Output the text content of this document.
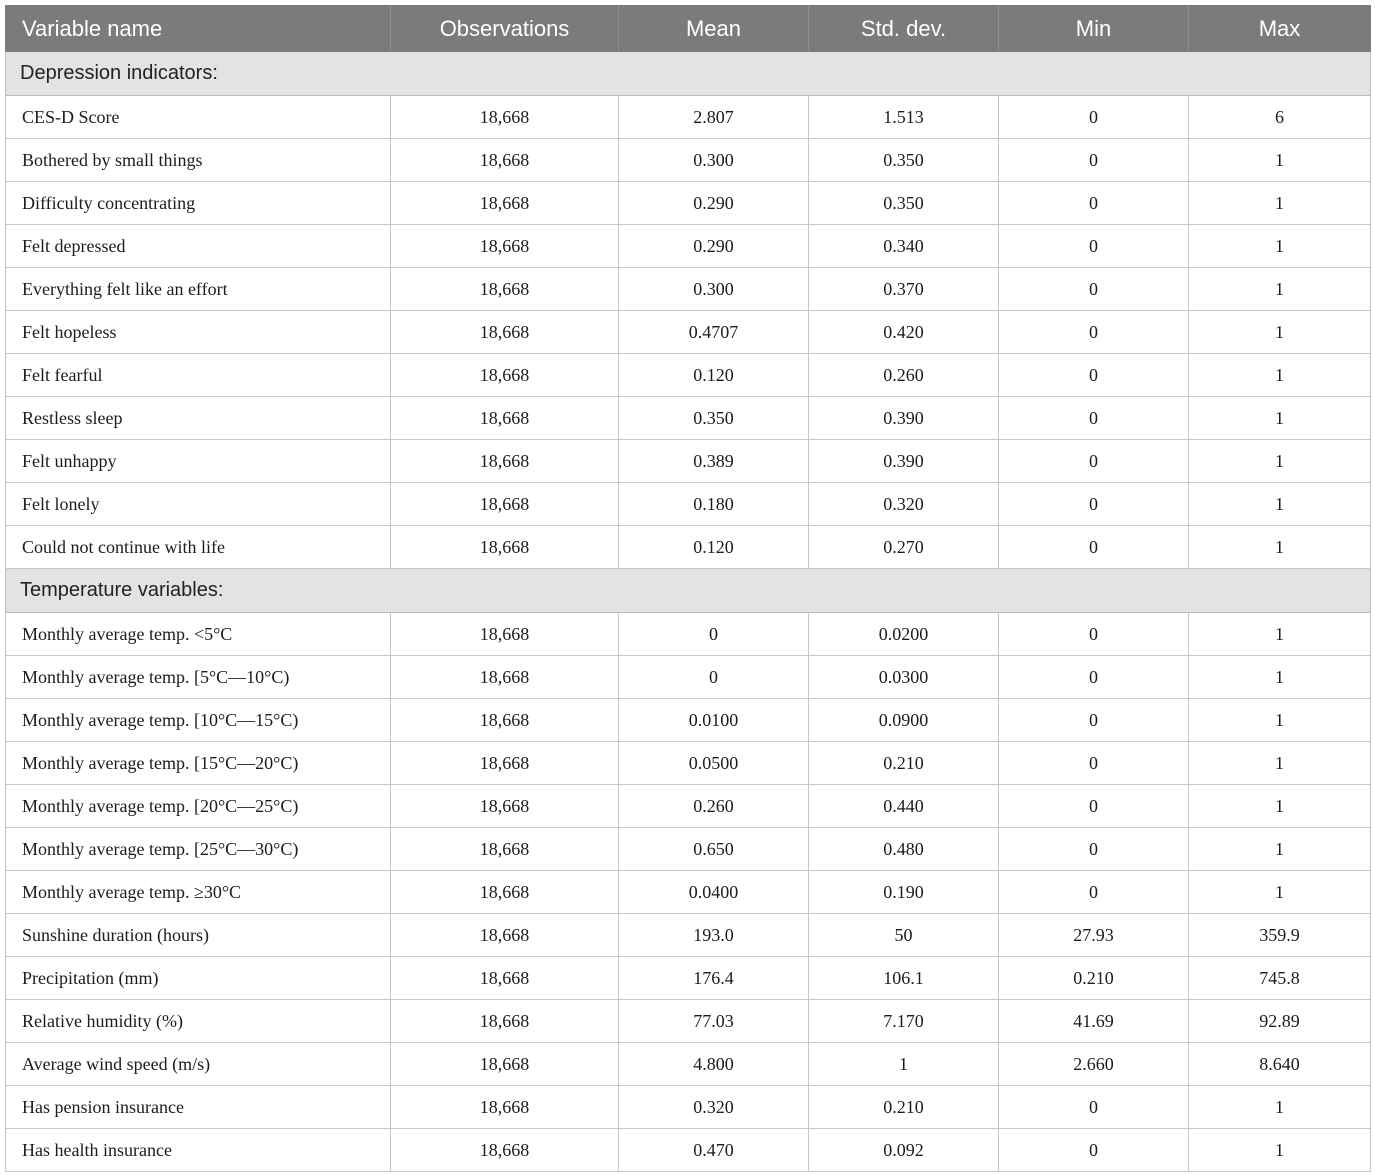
Variable name	Observations	Mean	Std. dev.	Min	Max
Depression indicators:					
CES-D Score	18,668	2.807	1.513	0	6
Bothered by small things	18,668	0.300	0.350	0	1
Difficulty concentrating	18,668	0.290	0.350	0	1
Felt depressed	18,668	0.290	0.340	0	1
Everything felt like an effort	18,668	0.300	0.370	0	1
Felt hopeless	18,668	0.4707	0.420	0	1
Felt fearful	18,668	0.120	0.260	0	1
Restless sleep	18,668	0.350	0.390	0	1
Felt unhappy	18,668	0.389	0.390	0	1
Felt lonely	18,668	0.180	0.320	0	1
Could not continue with life	18,668	0.120	0.270	0	1
Temperature variables:					
Monthly average temp. <5°C	18,668	0	0.0200	0	1
Monthly average temp. [5°C—10°C)	18,668	0	0.0300	0	1
Monthly average temp. [10°C—15°C)	18,668	0.0100	0.0900	0	1
Monthly average temp. [15°C—20°C)	18,668	0.0500	0.210	0	1
Monthly average temp. [20°C—25°C)	18,668	0.260	0.440	0	1
Monthly average temp. [25°C—30°C)	18,668	0.650	0.480	0	1
Monthly average temp. ≥30°C	18,668	0.0400	0.190	0	1
Sunshine duration (hours)	18,668	193.0	50	27.93	359.9
Precipitation (mm)	18,668	176.4	106.1	0.210	745.8
Relative humidity (%)	18,668	77.03	7.170	41.69	92.89
Average wind speed (m/s)	18,668	4.800	1	2.660	8.640
Has pension insurance	18,668	0.320	0.210	0	1
Has health insurance	18,668	0.470	0.092	0	1
